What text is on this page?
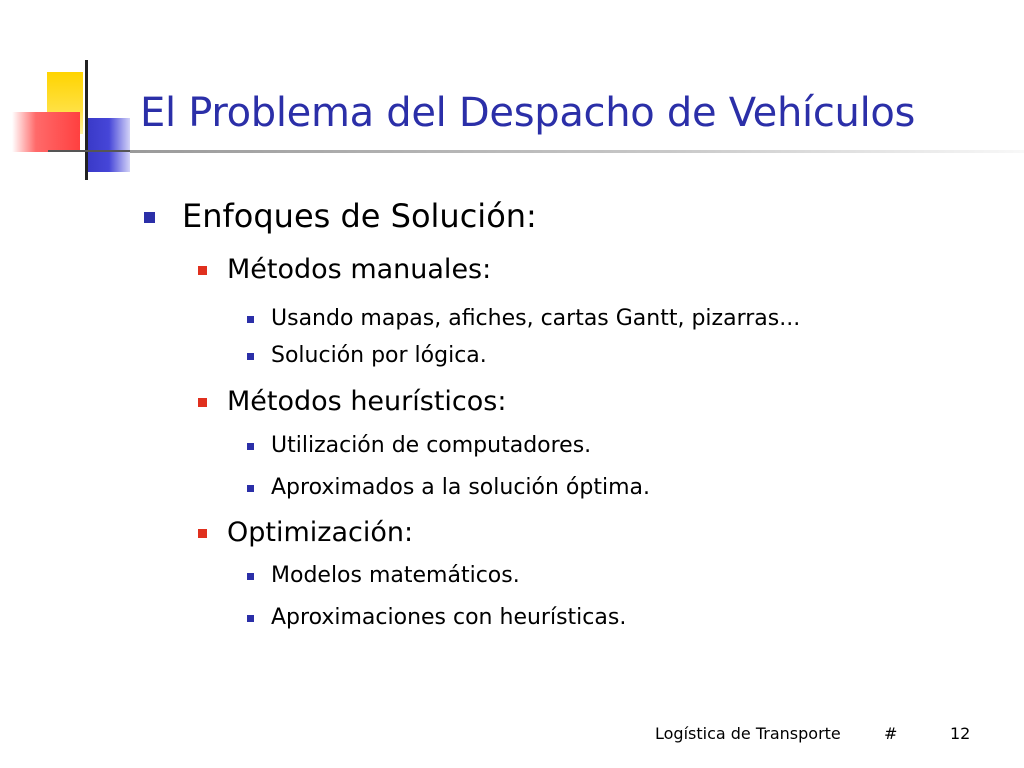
El Problema del Despacho de Vehículos
Enfoques de Solución:
Métodos manuales:
Usando mapas, afiches, cartas Gantt, pizarras...
Solución por lógica.
Métodos heurísticos:
Utilización de computadores.
Aproximados a la solución óptima.
Optimización:
Modelos matemáticos.
Aproximaciones con heurísticas.
Logística de Transporte	#	12
